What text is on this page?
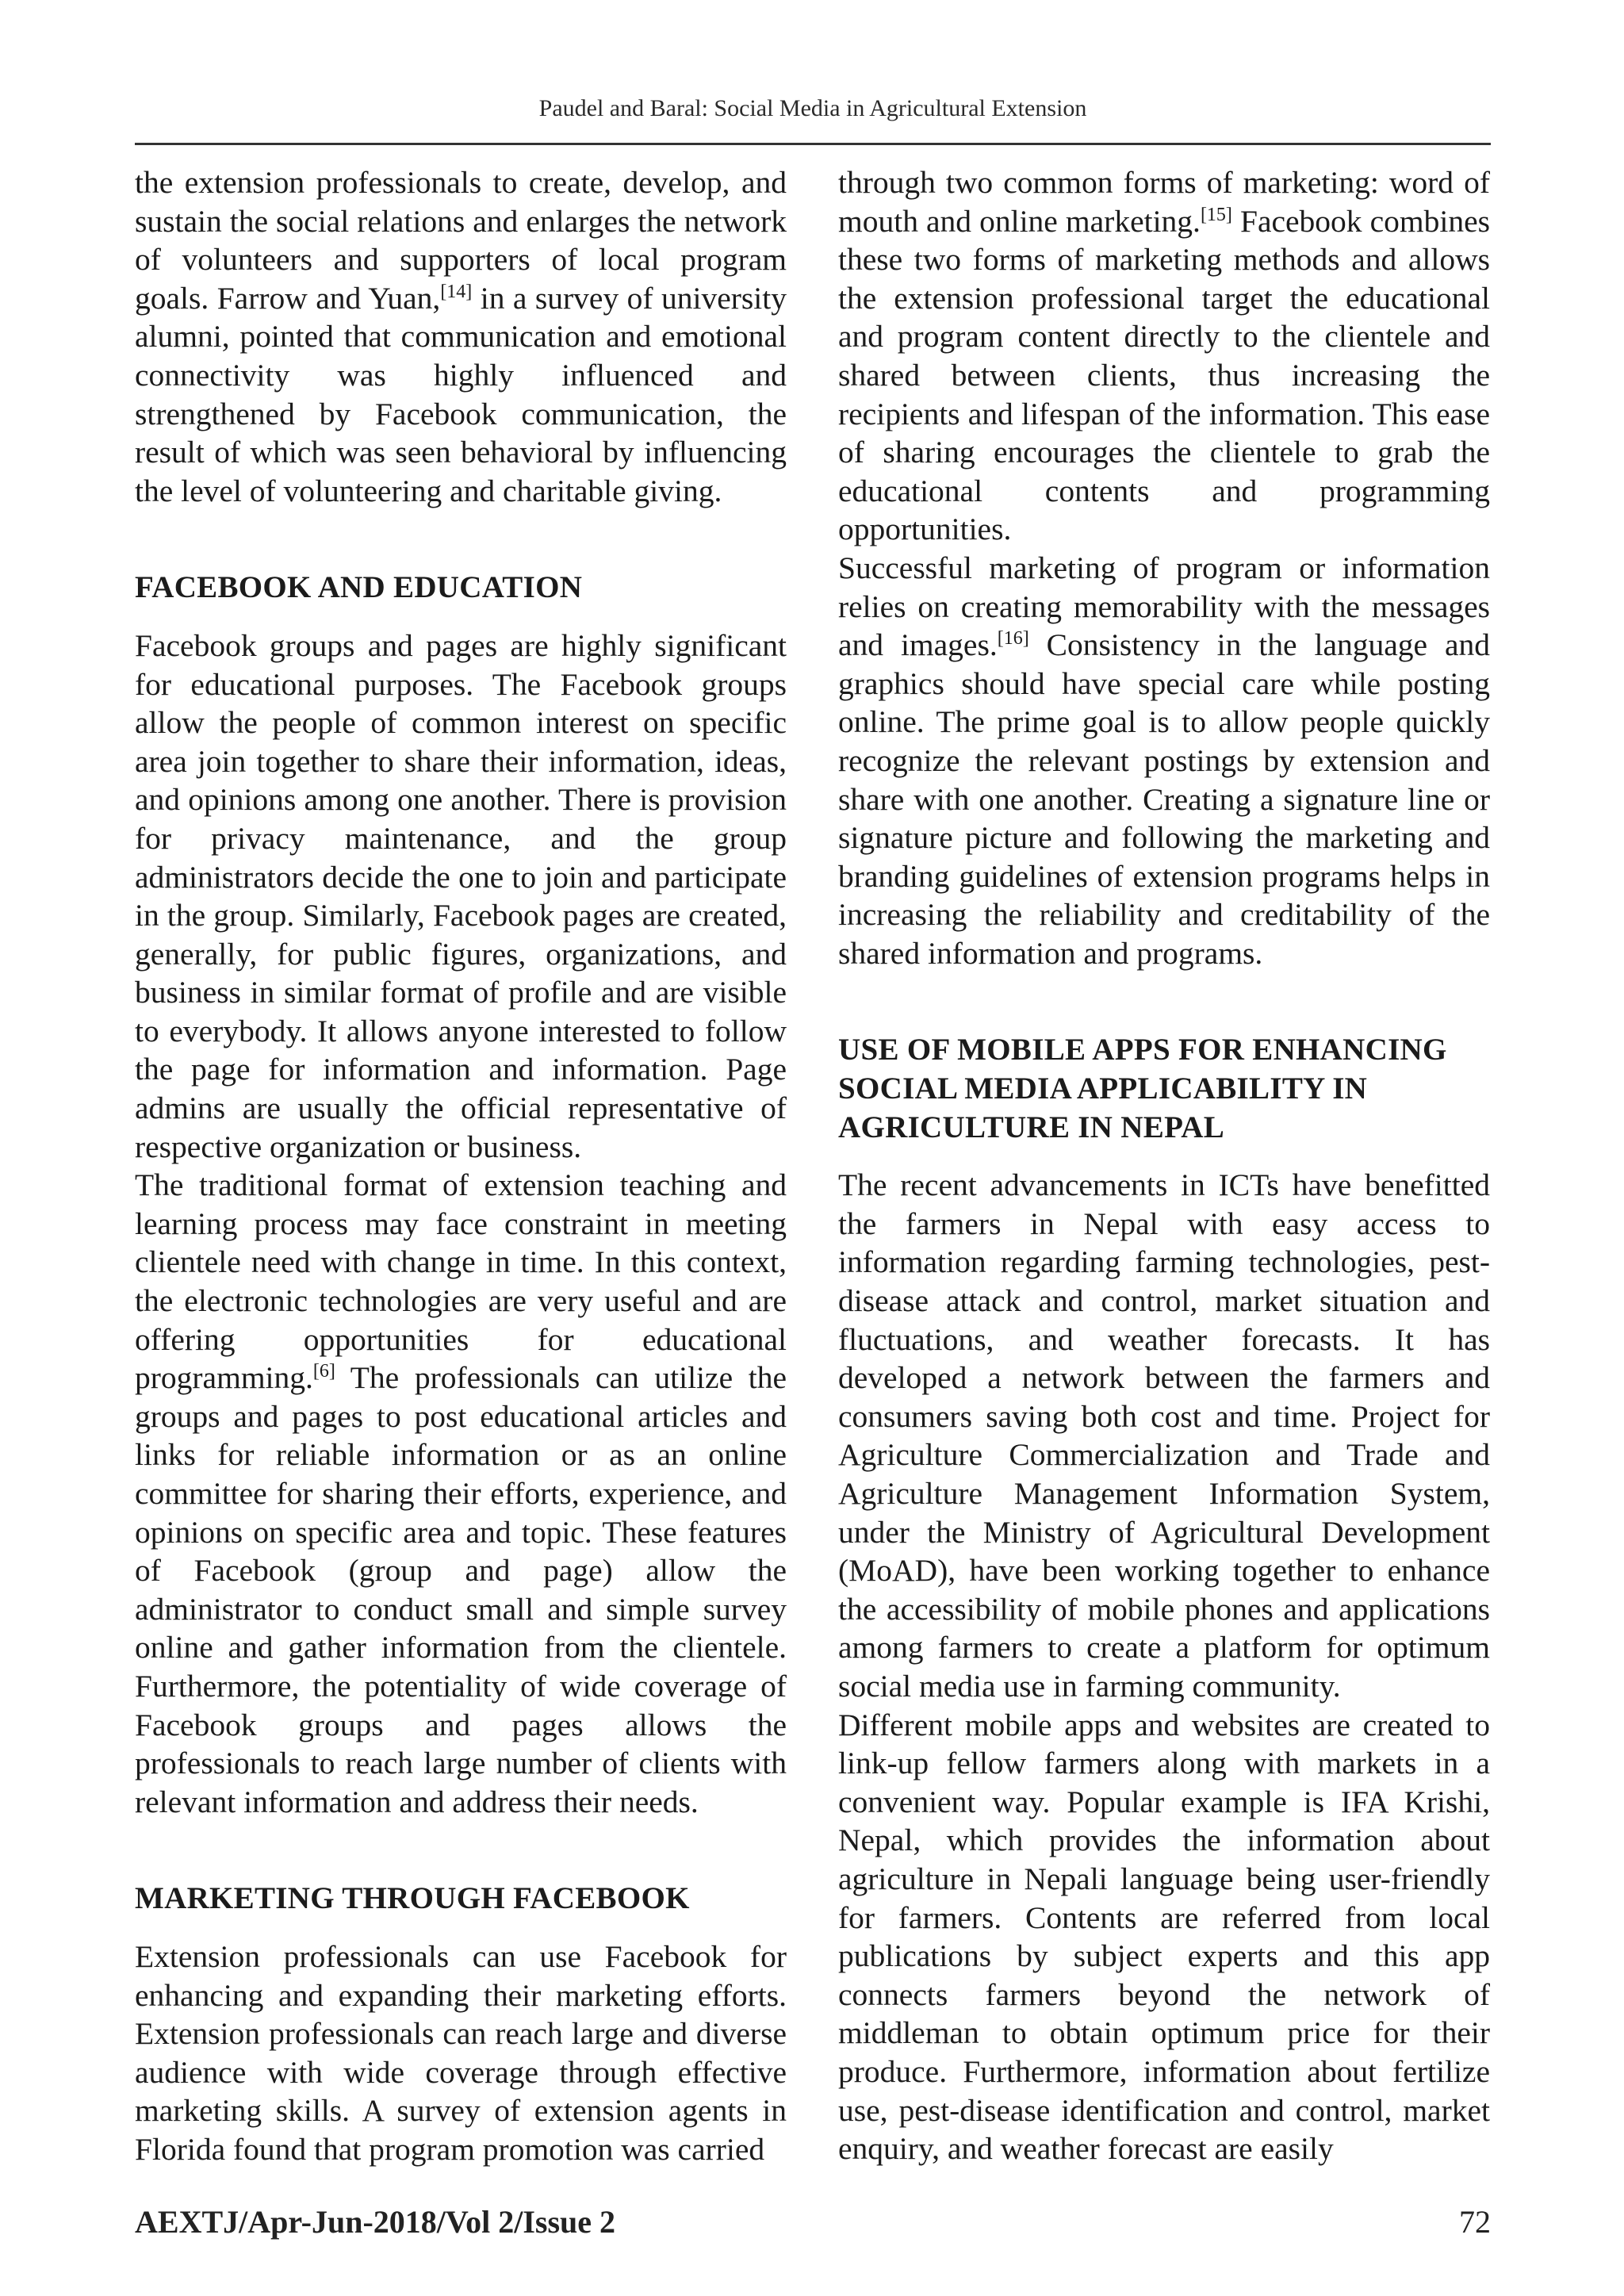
Paudel and Baral: Social Media in Agricultural Extension

the extension professionals to create, develop, and sustain the social relations and enlarges the network of volunteers and supporters of local program goals. Farrow and Yuan,[14] in a survey of university alumni, pointed that communication and emotional connectivity was highly influenced and strengthened by Facebook communication, the result of which was seen behavioral by influencing the level of volunteering and charitable giving.

FACEBOOK AND EDUCATION

Facebook groups and pages are highly significant for educational purposes. The Facebook groups allow the people of common interest on specific area join together to share their information, ideas, and opinions among one another. There is provision for privacy maintenance, and the group administrators decide the one to join and participate in the group. Similarly, Facebook pages are created, generally, for public figures, organizations, and business in similar format of profile and are visible to everybody. It allows anyone interested to follow the page for information and information. Page admins are usually the official representative of respective organization or business.

The traditional format of extension teaching and learning process may face constraint in meeting clientele need with change in time. In this context, the electronic technologies are very useful and are offering opportunities for educational programming.[6] The professionals can utilize the groups and pages to post educational articles and links for reliable information or as an online committee for sharing their efforts, experience, and opinions on specific area and topic. These features of Facebook (group and page) allow the administrator to conduct small and simple survey online and gather information from the clientele. Furthermore, the potentiality of wide coverage of Facebook groups and pages allows the professionals to reach large number of clients with relevant information and address their needs.

MARKETING THROUGH FACEBOOK

Extension professionals can use Facebook for enhancing and expanding their marketing efforts. Extension professionals can reach large and diverse audience with wide coverage through effective marketing skills. A survey of extension agents in Florida found that program promotion was carried

through two common forms of marketing: word of mouth and online marketing.[15] Facebook combines these two forms of marketing methods and allows the extension professional target the educational and program content directly to the clientele and shared between clients, thus increasing the recipients and lifespan of the information. This ease of sharing encourages the clientele to grab the educational contents and programming opportunities.

Successful marketing of program or information relies on creating memorability with the messages and images.[16] Consistency in the language and graphics should have special care while posting online. The prime goal is to allow people quickly recognize the relevant postings by extension and share with one another. Creating a signature line or signature picture and following the marketing and branding guidelines of extension programs helps in increasing the reliability and creditability of the shared information and programs.

USE OF MOBILE APPS FOR ENHANCING SOCIAL MEDIA APPLICABILITY IN AGRICULTURE IN NEPAL

The recent advancements in ICTs have benefitted the farmers in Nepal with easy access to information regarding farming technologies, pest-disease attack and control, market situation and fluctuations, and weather forecasts. It has developed a network between the farmers and consumers saving both cost and time. Project for Agriculture Commercialization and Trade and Agriculture Management Information System, under the Ministry of Agricultural Development (MoAD), have been working together to enhance the accessibility of mobile phones and applications among farmers to create a platform for optimum social media use in farming community.

Different mobile apps and websites are created to link-up fellow farmers along with markets in a convenient way. Popular example is IFA Krishi, Nepal, which provides the information about agriculture in Nepali language being user-friendly for farmers. Contents are referred from local publications by subject experts and this app connects farmers beyond the network of middleman to obtain optimum price for their produce. Furthermore, information about fertilize use, pest-disease identification and control, market enquiry, and weather forecast are easily

AEXTJ/Apr-Jun-2018/Vol 2/Issue 2	72
